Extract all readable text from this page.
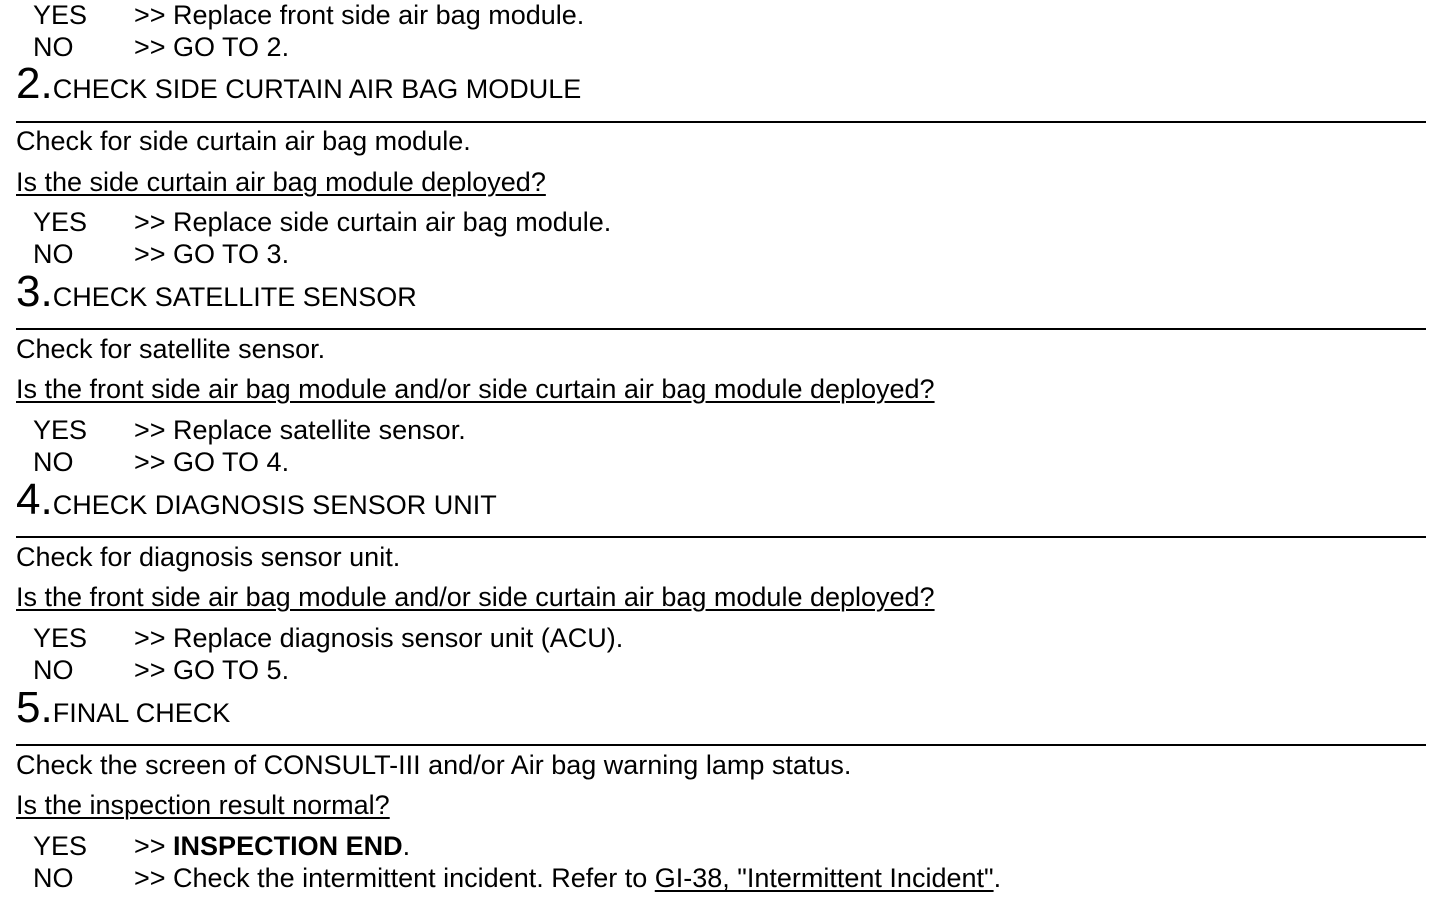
YES >> Replace front side air bag module.
NO >> GO TO 2.
2.CHECK SIDE CURTAIN AIR BAG MODULE
Check for side curtain air bag module.
Is the side curtain air bag module deployed?
YES >> Replace side curtain air bag module.
NO >> GO TO 3.
3.CHECK SATELLITE SENSOR
Check for satellite sensor.
Is the front side air bag module and/or side curtain air bag module deployed?
YES >> Replace satellite sensor.
NO >> GO TO 4.
4.CHECK DIAGNOSIS SENSOR UNIT
Check for diagnosis sensor unit.
Is the front side air bag module and/or side curtain air bag module deployed?
YES >> Replace diagnosis sensor unit (ACU).
NO >> GO TO 5.
5.FINAL CHECK
Check the screen of CONSULT-III and/or Air bag warning lamp status.
Is the inspection result normal?
YES >> INSPECTION END.
NO >> Check the intermittent incident. Refer to GI-38, "Intermittent Incident".
